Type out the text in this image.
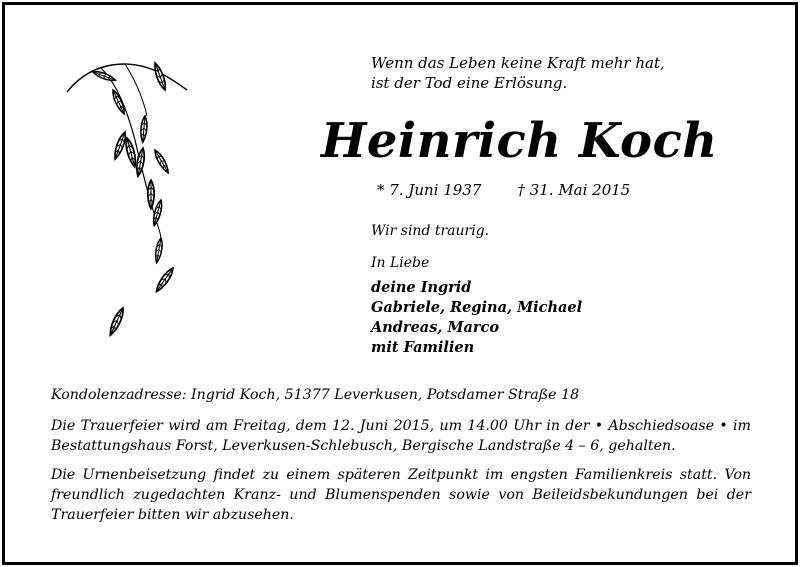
Wenn das Leben keine Kraft mehr hat,
ist der Tod eine Erlösung.
Heinrich Koch
* 7. Juni 1937 † 31. Mai 2015
Wir sind traurig.
In Liebe
deine Ingrid
Gabriele, Regina, Michael
Andreas, Marco
mit Familien
Kondolenzadresse: Ingrid Koch, 51377 Leverkusen, Potsdamer Straße 18
Die Trauerfeier wird am Freitag, dem 12. Juni 2015, um 14.00 Uhr in der • Abschiedsoase • im Bestattungshaus Forst, Leverkusen-Schlebusch, Bergische Landstraße 4 – 6, gehalten.
Die Urnenbeisetzung findet zu einem späteren Zeitpunkt im engsten Familienkreis statt. Von freundlich zugedachten Kranz- und Blumenspenden sowie von Beileidsbekundungen bei der Trauerfeier bitten wir abzusehen.
